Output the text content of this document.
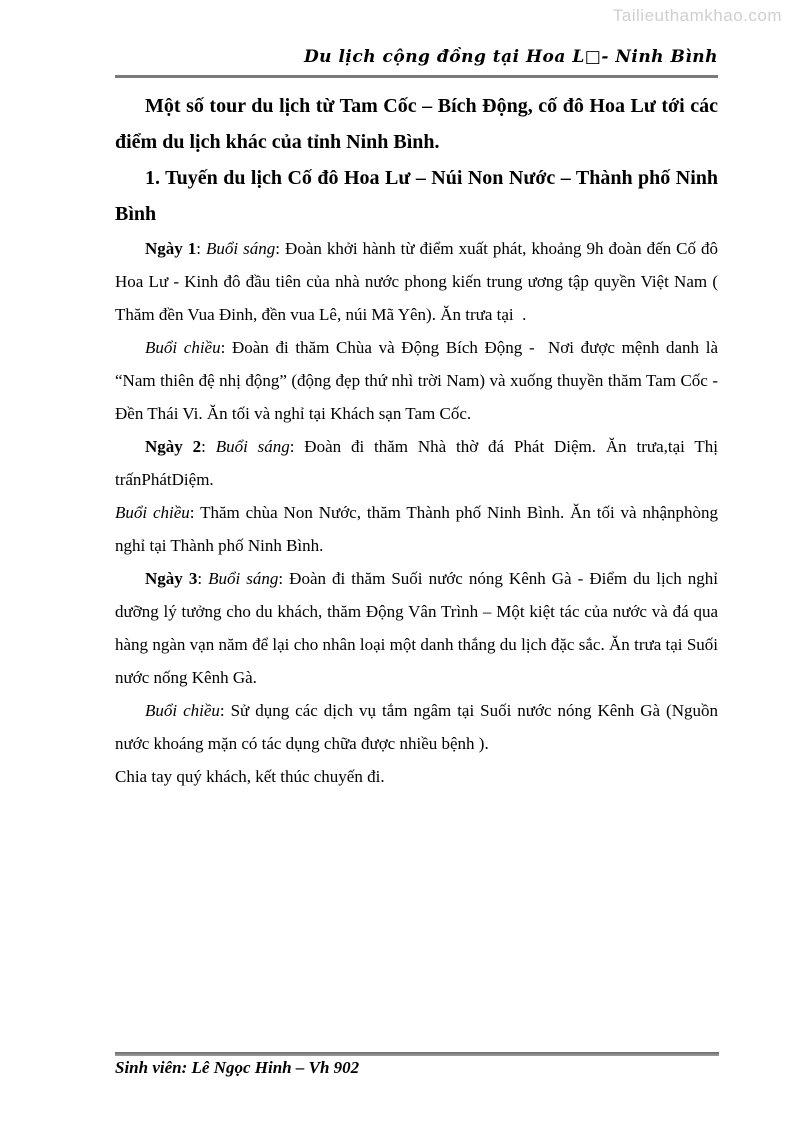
Tailieuthamkhao.com
Du lịch cộng đồng tại Hoa L□- Ninh Bình

Một số tour du lịch từ Tam Cốc – Bích Động, cố đô Hoa Lư tới các điểm du lịch khác của tỉnh Ninh Bình.

1. Tuyến du lịch Cố đô Hoa Lư – Núi Non Nước – Thành phố Ninh Bình

Ngày 1: Buổi sáng: Đoàn khởi hành từ điểm xuất phát, khoảng 9h đoàn đến Cố đô Hoa Lư - Kinh đô đầu tiên của nhà nước phong kiến trung ương tập quyền Việt Nam ( Thăm đền Vua Đinh, đền vua Lê, núi Mã Yên). Ăn trưa tại  .

Buổi chiều: Đoàn đi thăm Chùa và Động Bích Động -  Nơi được mệnh danh là “Nam thiên đệ nhị động” (động đẹp thứ nhì trời Nam) và xuống thuyền thăm Tam Cốc - Đền Thái Vi. Ăn tối và nghỉ tại Khách sạn Tam Cốc.

Ngày 2: Buổi sáng: Đoàn đi thăm Nhà thờ đá Phát Diệm. Ăn trưa,tại Thị trấnPhátDiệm.

Buổi chiều: Thăm chùa Non Nước, thăm Thành phố Ninh Bình. Ăn tối và nhậnphòng nghỉ tại Thành phố Ninh Bình.

Ngày 3: Buổi sáng: Đoàn đi thăm Suối nước nóng Kênh Gà - Điểm du lịch nghỉ dưỡng lý tưởng cho du khách, thăm Động Vân Trình – Một kiệt tác của nước và đá qua hàng ngàn vạn năm để lại cho nhân loại một danh thắng du lịch đặc sắc. Ăn trưa tại Suối nước nống Kênh Gà.

Buổi chiều: Sử dụng các dịch vụ tắm ngâm tại Suối nước nóng Kênh Gà (Nguồn nước khoáng mặn có tác dụng chữa được nhiều bệnh ).

Chia tay quý khách, kết thúc chuyến đi.

Sinh viên: Lê Ngọc Hinh – Vh 902
